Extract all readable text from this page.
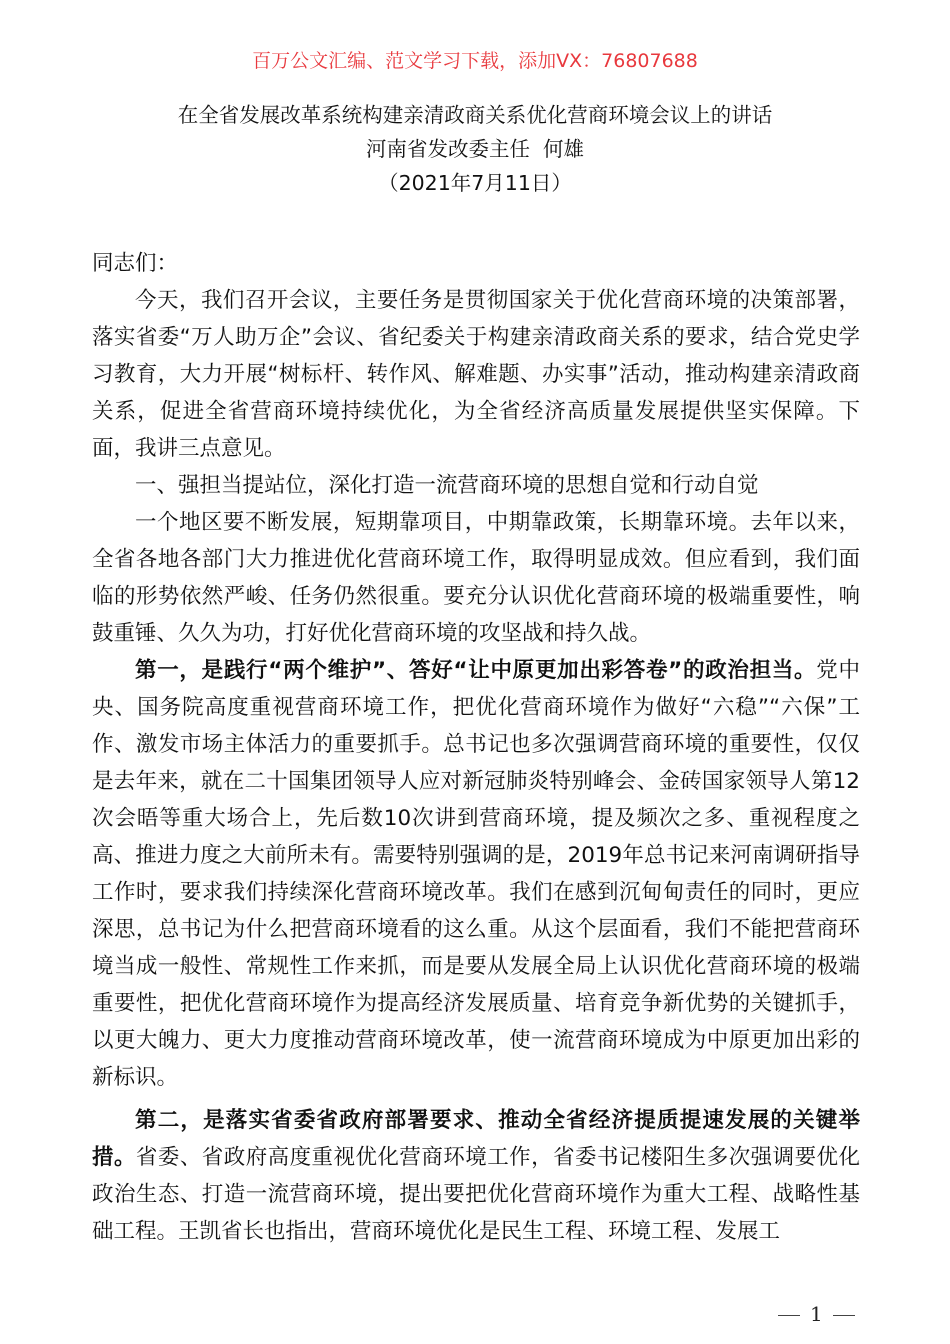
百万公文汇编、范文学习下载，添加VX：76807688
在全省发展改革系统构建亲清政商关系优化营商环境会议上的讲话
河南省发改委主任  何雄
（2021年7月11日）

同志们：

今天，我们召开会议，主要任务是贯彻国家关于优化营商环境的决策部署，落实省委“万人助万企”会议、省纪委关于构建亲清政商关系的要求，结合党史学习教育，大力开展“树标杆、转作风、解难题、办实事”活动，推动构建亲清政商关系，促进全省营商环境持续优化，为全省经济高质量发展提供坚实保障。下面，我讲三点意见。

一、强担当提站位，深化打造一流营商环境的思想自觉和行动自觉

一个地区要不断发展，短期靠项目，中期靠政策，长期靠环境。去年以来，全省各地各部门大力推进优化营商环境工作，取得明显成效。但应看到，我们面临的形势依然严峻、任务仍然很重。要充分认识优化营商环境的极端重要性，响鼓重锤、久久为功，打好优化营商环境的攻坚战和持久战。

第一，是践行“两个维护”、答好“让中原更加出彩答卷”的政治担当。党中央、国务院高度重视营商环境工作，把优化营商环境作为做好“六稳”“六保”工作、激发市场主体活力的重要抓手。总书记也多次强调营商环境的重要性，仅仅是去年来，就在二十国集团领导人应对新冠肺炎特别峰会、金砖国家领导人第12次会晤等重大场合上，先后数10次讲到营商环境，提及频次之多、重视程度之高、推进力度之大前所未有。需要特别强调的是，2019年总书记来河南调研指导工作时，要求我们持续深化营商环境改革。我们在感到沉甸甸责任的同时，更应深思，总书记为什么把营商环境看的这么重。从这个层面看，我们不能把营商环境当成一般性、常规性工作来抓，而是要从发展全局上认识优化营商环境的极端重要性，把优化营商环境作为提高经济发展质量、培育竞争新优势的关键抓手，以更大魄力、更大力度推动营商环境改革，使一流营商环境成为中原更加出彩的新标识。

第二，是落实省委省政府部署要求、推动全省经济提质提速发展的关键举措。省委、省政府高度重视优化营商环境工作，省委书记楼阳生多次强调要优化政治生态、打造一流营商环境，提出要把优化营商环境作为重大工程、战略性基础工程。王凯省长也指出，营商环境优化是民生工程、环境工程、发展工

1
